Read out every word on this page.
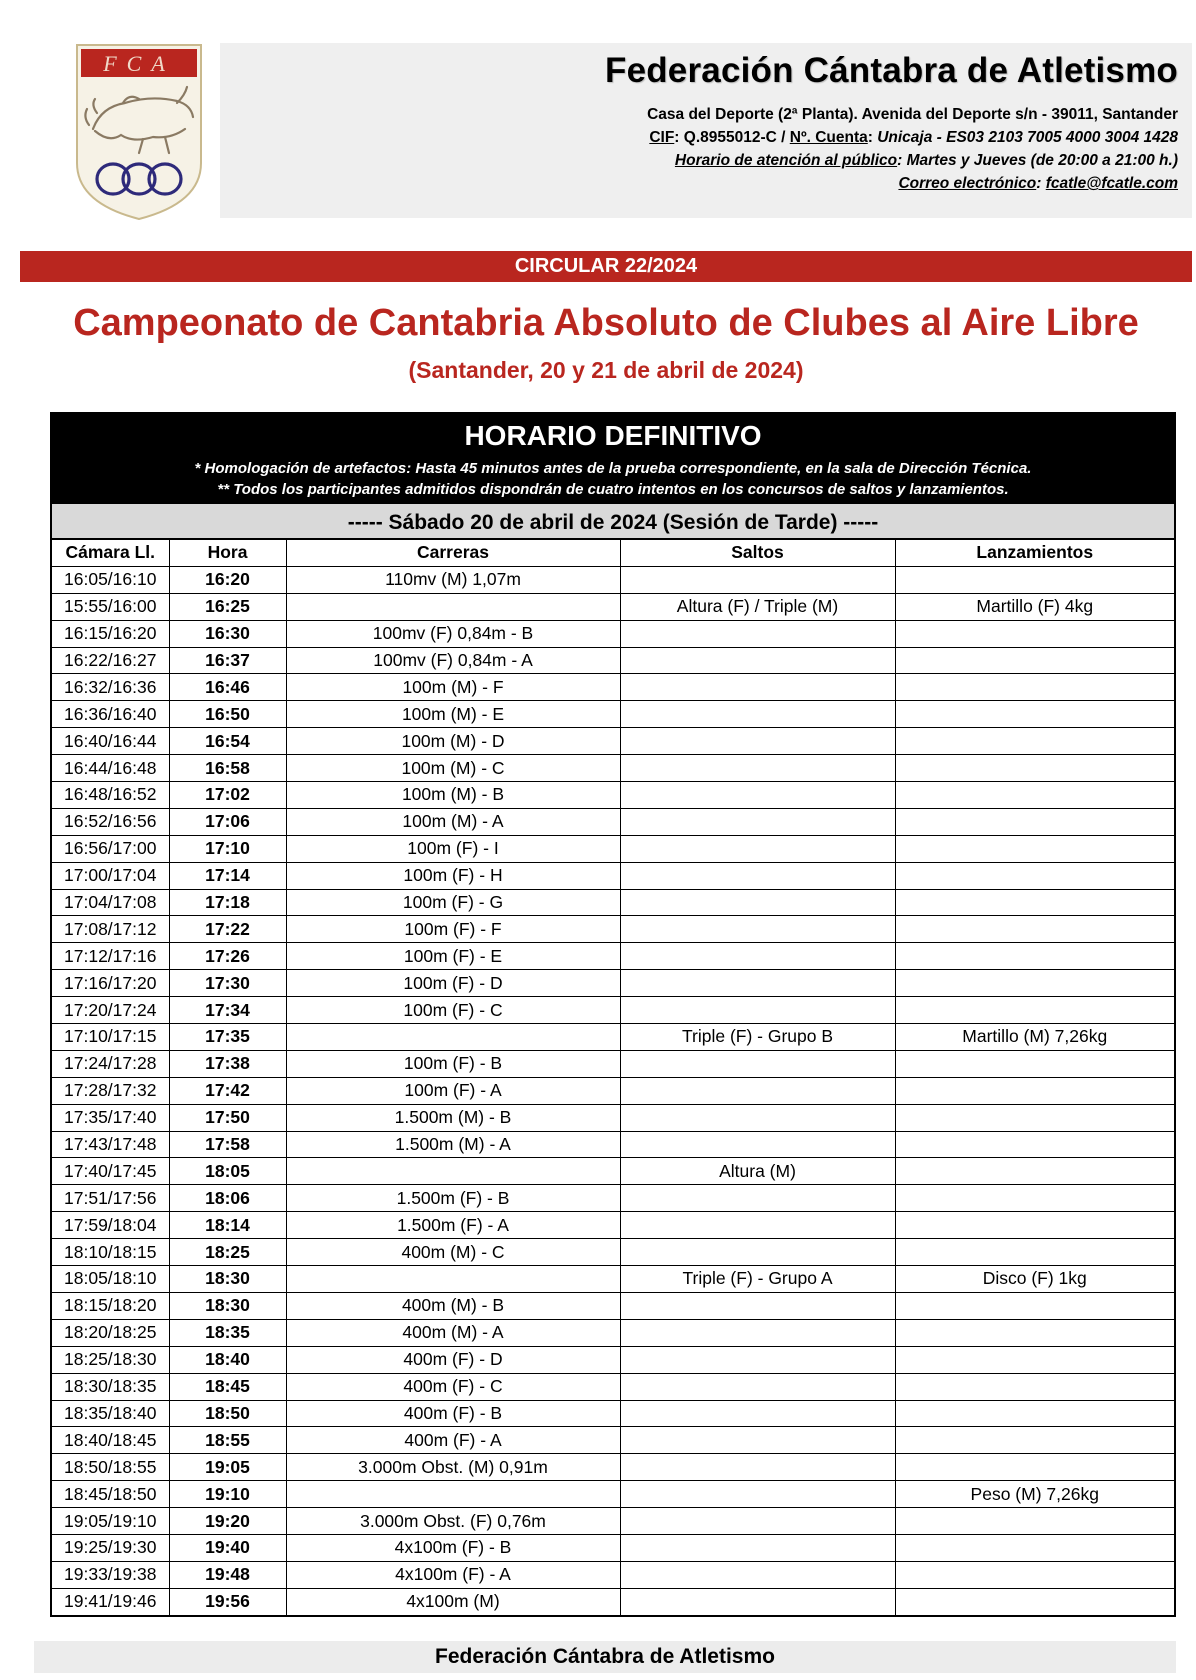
FCA	Federación Cántabra de Atletismo
Casa del Deporte (2ª Planta). Avenida del Deporte s/n - 39011, Santander
CIF: Q.8955012-C / Nº. Cuenta: Unicaja - ES03 2103 7005 4000 3004 1428
Horario de atención al público: Martes y Jueves (de 20:00 a 21:00 h.)
Correo electrónico: fcatle@fcatle.com
CIRCULAR 22/2024
Campeonato de Cantabria Absoluto de Clubes al Aire Libre
(Santander, 20 y 21 de abril de 2024)
HORARIO DEFINITIVO
* Homologación de artefactos: Hasta 45 minutos antes de la prueba correspondiente, en la sala de Dirección Técnica.
** Todos los participantes admitidos dispondrán de cuatro intentos en los concursos de saltos y lanzamientos.
----- Sábado 20 de abril de 2024 (Sesión de Tarde) -----
Cámara Ll.	Hora	Carreras	Saltos	Lanzamientos
16:05/16:10	16:20	110mv (M) 1,07m		
15:55/16:00	16:25		Altura (F) / Triple (M)	Martillo (F) 4kg
16:15/16:20	16:30	100mv (F) 0,84m - B		
16:22/16:27	16:37	100mv (F) 0,84m - A		
16:32/16:36	16:46	100m (M) - F		
16:36/16:40	16:50	100m (M) - E		
16:40/16:44	16:54	100m (M) - D		
16:44/16:48	16:58	100m (M) - C		
16:48/16:52	17:02	100m (M) - B		
16:52/16:56	17:06	100m (M) - A		
16:56/17:00	17:10	100m (F) - I		
17:00/17:04	17:14	100m (F) - H		
17:04/17:08	17:18	100m (F) - G		
17:08/17:12	17:22	100m (F) - F		
17:12/17:16	17:26	100m (F) - E		
17:16/17:20	17:30	100m (F) - D		
17:20/17:24	17:34	100m (F) - C		
17:10/17:15	17:35		Triple (F) - Grupo B	Martillo (M) 7,26kg
17:24/17:28	17:38	100m (F) - B		
17:28/17:32	17:42	100m (F) - A		
17:35/17:40	17:50	1.500m (M) - B		
17:43/17:48	17:58	1.500m (M) - A		
17:40/17:45	18:05		Altura (M)	
17:51/17:56	18:06	1.500m (F) - B		
17:59/18:04	18:14	1.500m (F) - A		
18:10/18:15	18:25	400m (M) - C		
18:05/18:10	18:30		Triple (F) - Grupo A	Disco (F) 1kg
18:15/18:20	18:30	400m (M) - B		
18:20/18:25	18:35	400m (M) - A		
18:25/18:30	18:40	400m (F) - D		
18:30/18:35	18:45	400m (F) - C		
18:35/18:40	18:50	400m (F) - B		
18:40/18:45	18:55	400m (F) - A		
18:50/18:55	19:05	3.000m Obst. (M) 0,91m		
18:45/18:50	19:10			Peso (M) 7,26kg
19:05/19:10	19:20	3.000m Obst. (F) 0,76m		
19:25/19:30	19:40	4x100m (F) - B		
19:33/19:38	19:48	4x100m (F) - A		
19:41/19:46	19:56	4x100m (M)		
Federación Cántabra de Atletismo
